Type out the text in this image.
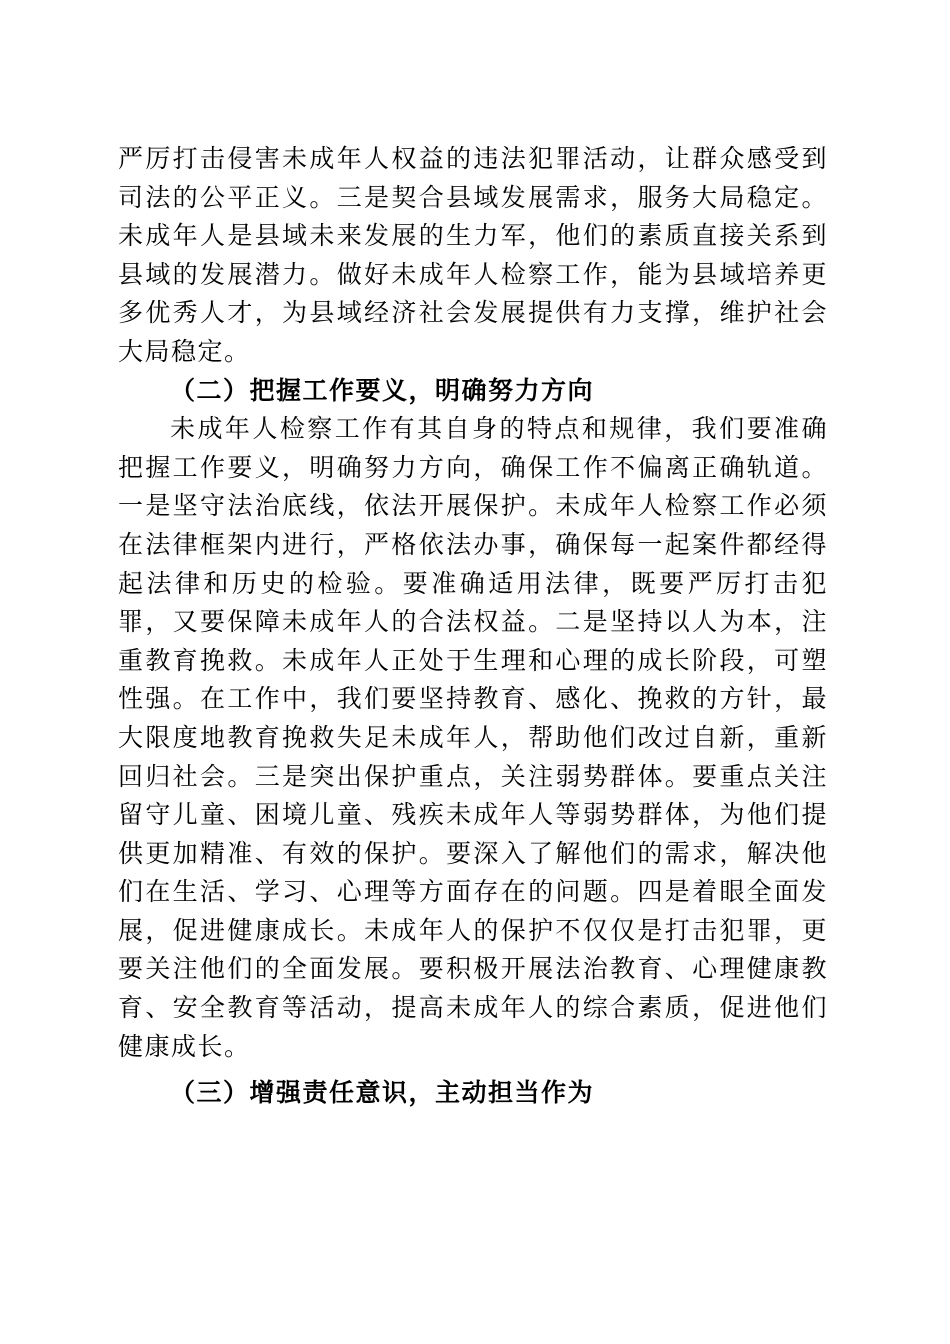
严厉打击侵害未成年人权益的违法犯罪活动，让群众感受到司法的公平正义。三是契合县域发展需求，服务大局稳定。未成年人是县域未来发展的生力军，他们的素质直接关系到县域的发展潜力。做好未成年人检察工作，能为县域培养更多优秀人才，为县域经济社会发展提供有力支撑，维护社会大局稳定。

（二）把握工作要义，明确努力方向

未成年人检察工作有其自身的特点和规律，我们要准确把握工作要义，明确努力方向，确保工作不偏离正确轨道。一是坚守法治底线，依法开展保护。未成年人检察工作必须在法律框架内进行，严格依法办事，确保每一起案件都经得起法律和历史的检验。要准确适用法律，既要严厉打击犯罪，又要保障未成年人的合法权益。二是坚持以人为本，注重教育挽救。未成年人正处于生理和心理的成长阶段，可塑性强。在工作中，我们要坚持教育、感化、挽救的方针，最大限度地教育挽救失足未成年人，帮助他们改过自新，重新回归社会。三是突出保护重点，关注弱势群体。要重点关注留守儿童、困境儿童、残疾未成年人等弱势群体，为他们提供更加精准、有效的保护。要深入了解他们的需求，解决他们在生活、学习、心理等方面存在的问题。四是着眼全面发展，促进健康成长。未成年人的保护不仅仅是打击犯罪，更要关注他们的全面发展。要积极开展法治教育、心理健康教育、安全教育等活动，提高未成年人的综合素质，促进他们健康成长。

（三）增强责任意识，主动担当作为
